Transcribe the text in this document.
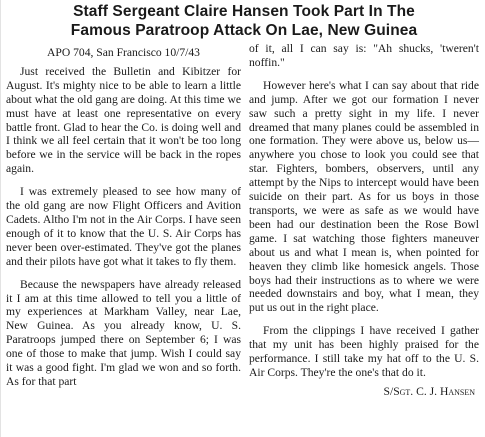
Staff Sergeant Claire Hansen Took Part In The
Famous Paratroop Attack On Lae, New Guinea

APO 704, San Francisco 10/7/43

Just received the Bulletin and Kibitzer for August. It's mighty nice to be able to learn a little about what the old gang are doing. At this time we must have at least one representative on every battle front. Glad to hear the Co. is doing well and I think we all feel certain that it won't be too long before we in the service will be back in the ropes again.

I was extremely pleased to see how many of the old gang are now Flight Officers and Avition Cadets. Altho I'm not in the Air Corps. I have seen enough of it to know that the U. S. Air Corps has never been over-estimated. They've got the planes and their pilots have got what it takes to fly them.

Because the newspapers have already released it I am at this time allowed to tell you a little of my experiences at Markham Valley, near Lae, New Guinea. As you already know, U. S. Paratroops jumped there on September 6; I was one of those to make that jump. Wish I could say it was a good fight. I'm glad we won and so forth. As for that part

of it, all I can say is: "Ah shucks, 'tweren't noffin."

However here's what I can say about that ride and jump. After we got our formation I never saw such a pretty sight in my life. I never dreamed that many planes could be assembled in one formation. They were above us, below us—anywhere you chose to look you could see that star. Fighters, bombers, observers, until any attempt by the Nips to intercept would have been suicide on their part. As for us boys in those transports, we were as safe as we would have been had our destination been the Rose Bowl game. I sat watching those fighters maneuver about us and what I mean is, when pointed for heaven they climb like homesick angels. Those boys had their instructions as to where we were needed downstairs and boy, what I mean, they put us out in the right place.

From the clippings I have received I gather that my unit has been highly praised for the performance. I still take my hat off to the U. S. Air Corps. They're the one's that do it.

S/Sgt. C. J. Hansen
